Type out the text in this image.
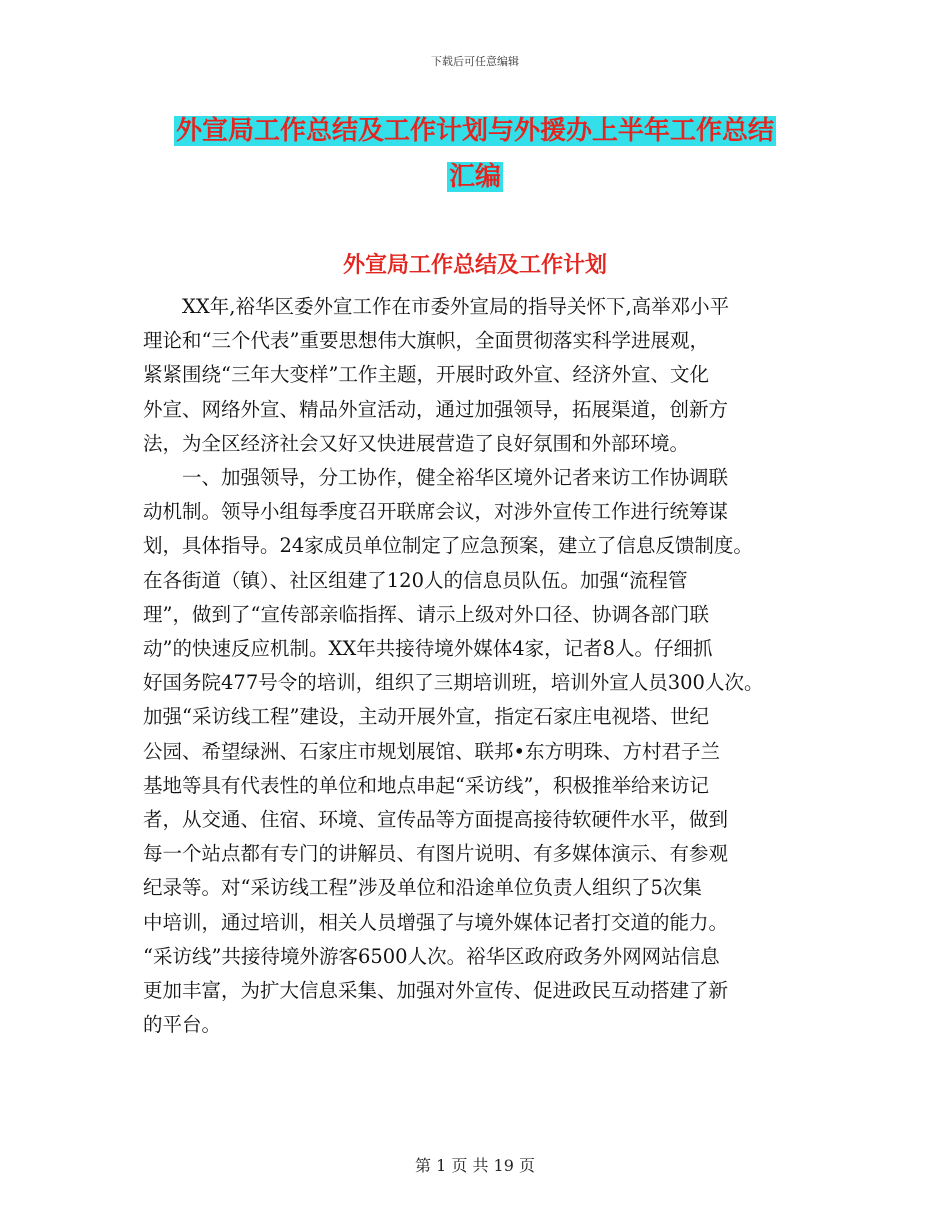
下载后可任意编辑
外宣局工作总结及工作计划与外援办上半年工作总结
汇编
外宣局工作总结及工作计划
　　XX年,裕华区委外宣工作在市委外宣局的指导关怀下,高举邓小平
理论和“三个代表”重要思想伟大旗帜，全面贯彻落实科学进展观，
紧紧围绕“三年大变样”工作主题，开展时政外宣、经济外宣、文化
外宣、网络外宣、精品外宣活动，通过加强领导，拓展渠道，创新方
法，为全区经济社会又好又快进展营造了良好氛围和外部环境。
　　一、加强领导，分工协作，健全裕华区境外记者来访工作协调联
动机制。领导小组每季度召开联席会议，对涉外宣传工作进行统筹谋
划，具体指导。24家成员单位制定了应急预案，建立了信息反馈制度。
在各街道（镇）、社区组建了120人的信息员队伍。加强“流程管
理”，做到了“宣传部亲临指挥、请示上级对外口径、协调各部门联
动”的快速反应机制。XX年共接待境外媒体4家，记者8人。仔细抓
好国务院477号令的培训，组织了三期培训班，培训外宣人员300人次。
加强“采访线工程”建设，主动开展外宣，指定石家庄电视塔、世纪
公园、希望绿洲、石家庄市规划展馆、联邦•东方明珠、方村君子兰
基地等具有代表性的单位和地点串起“采访线”，积极推举给来访记
者，从交通、住宿、环境、宣传品等方面提高接待软硬件水平，做到
每一个站点都有专门的讲解员、有图片说明、有多媒体演示、有参观
纪录等。对“采访线工程”涉及单位和沿途单位负责人组织了5次集
中培训，通过培训，相关人员增强了与境外媒体记者打交道的能力。
“采访线”共接待境外游客6500人次。裕华区政府政务外网网站信息
更加丰富，为扩大信息采集、加强对外宣传、促进政民互动搭建了新
的平台。
第 1 页 共 19 页
